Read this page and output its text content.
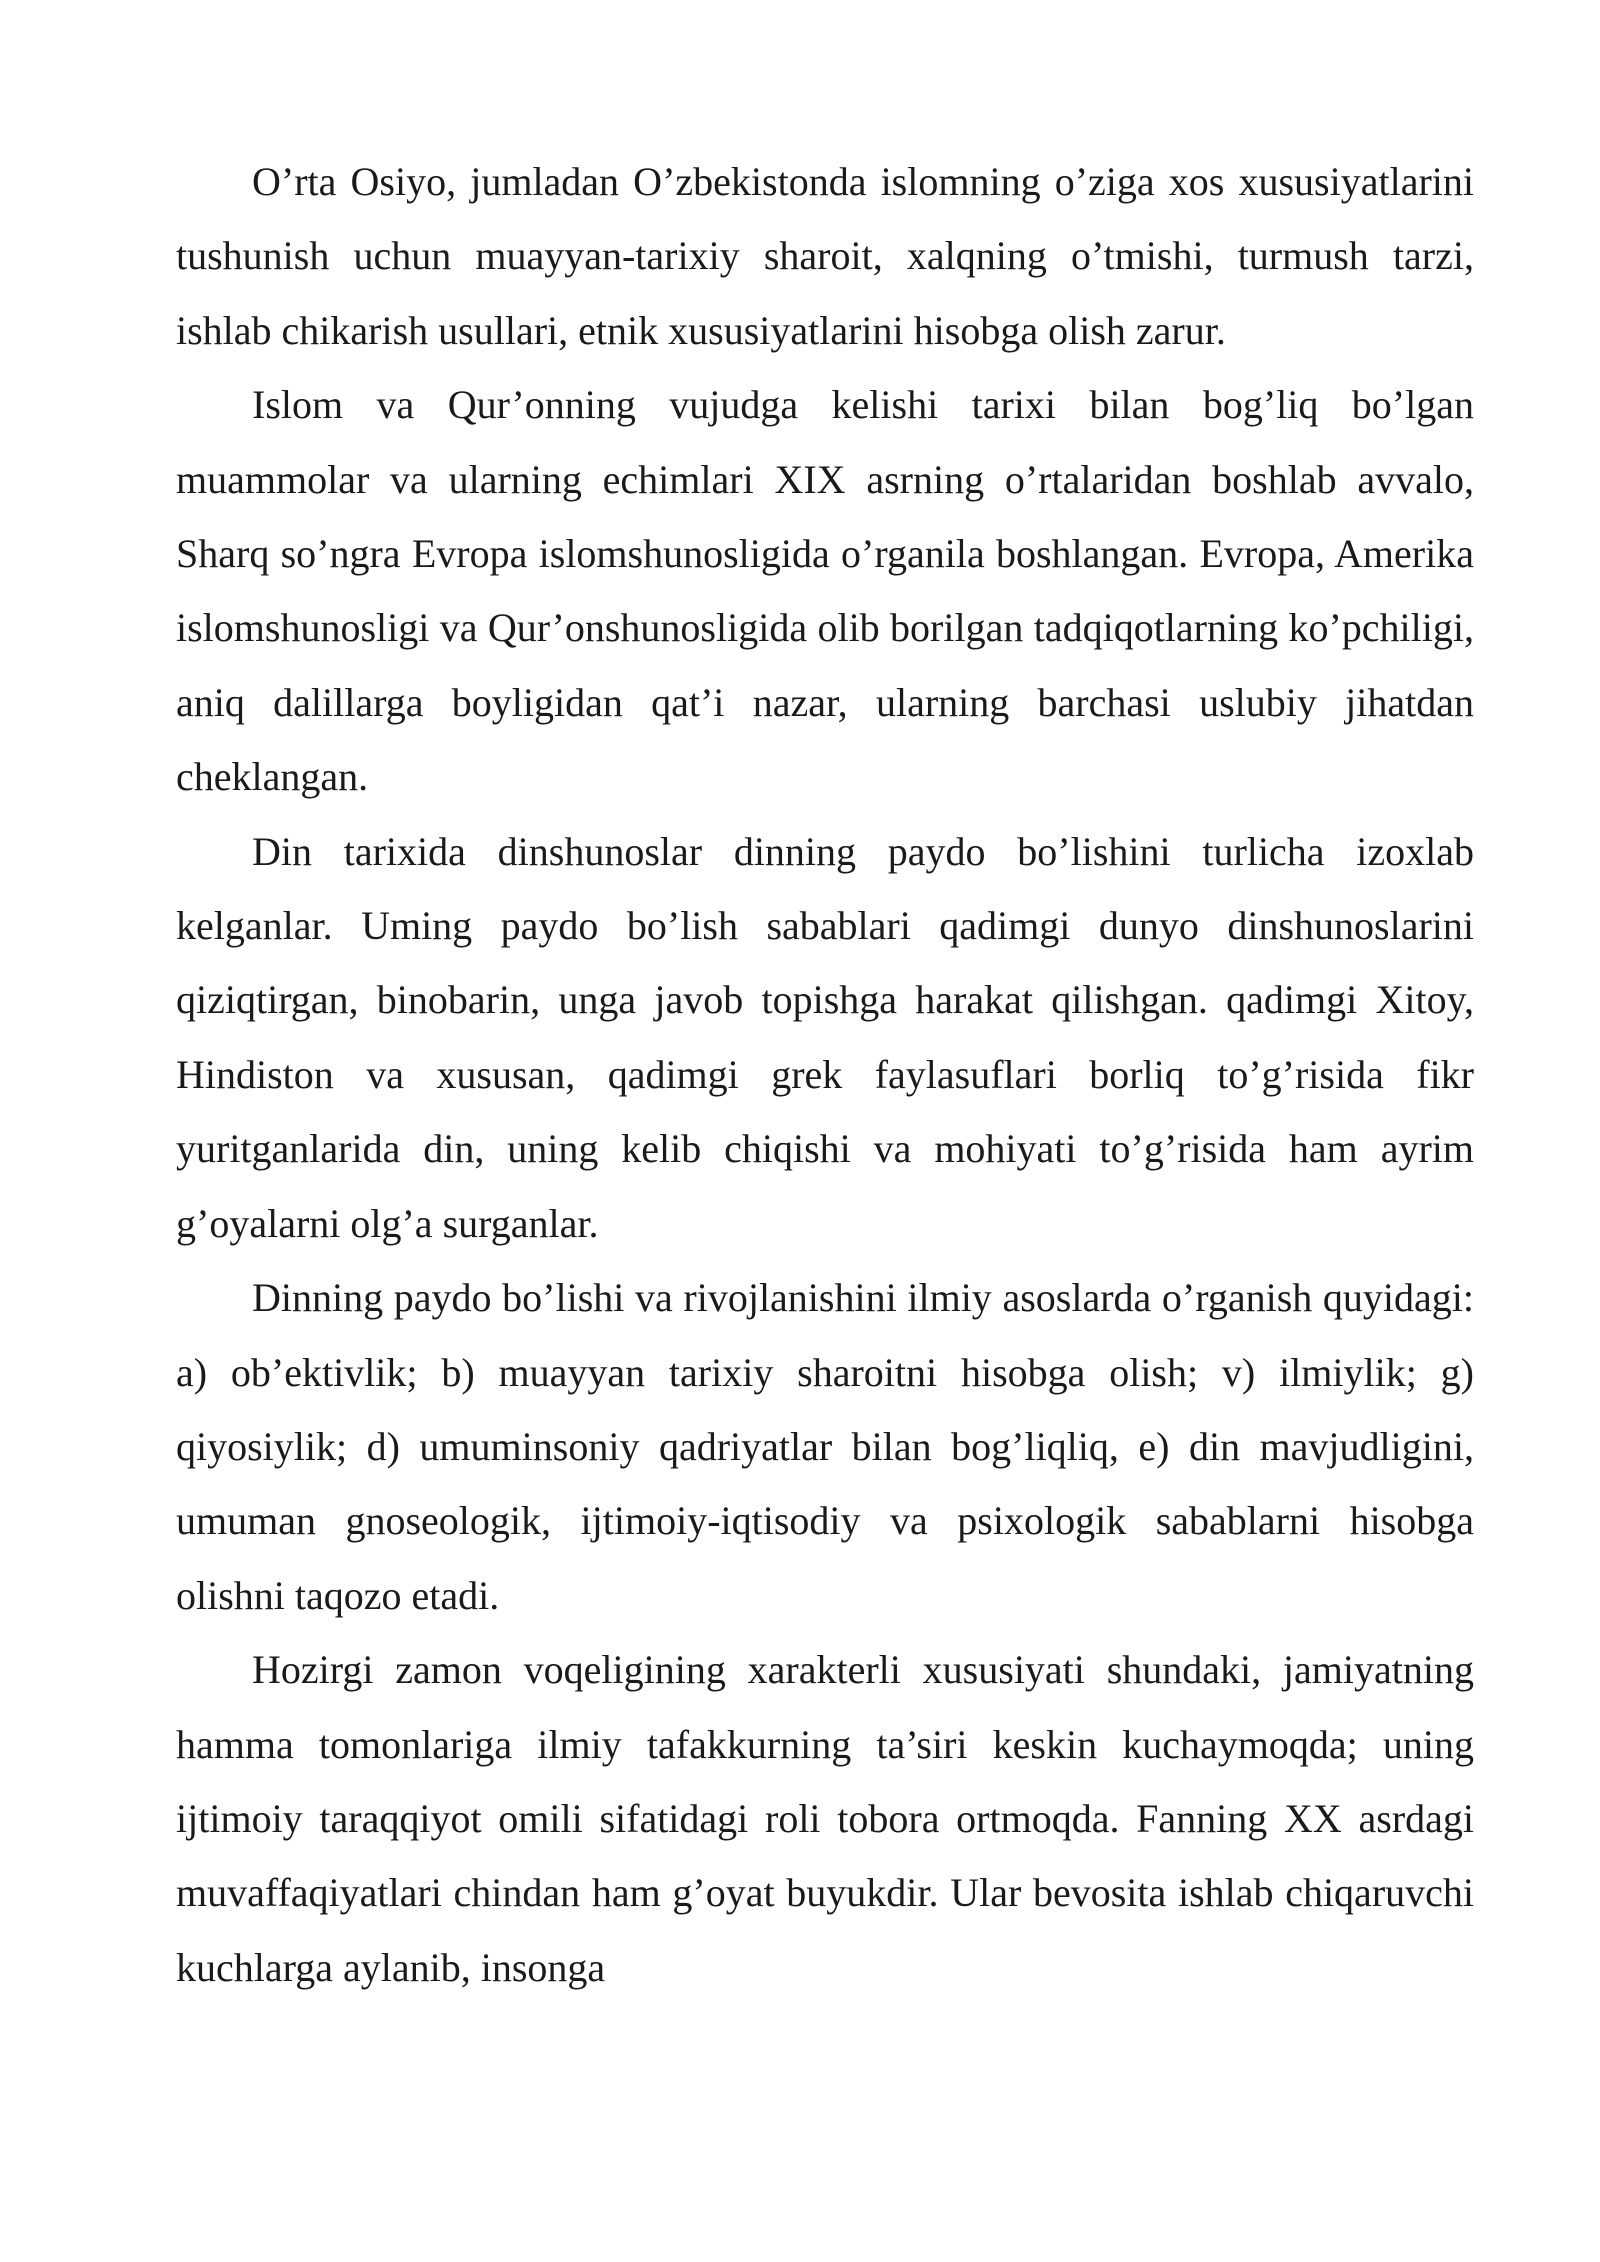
O’rta Osiyo, jumladan O’zbekistonda islomning o’ziga xos xususiyatlarini tushunish uchun muayyan-tarixiy sharoit, xalqning o’tmishi, turmush tarzi, ishlab chikarish usullari, etnik xususiyatlarini hisobga olish zarur.

Islom va Qur’onning vujudga kelishi tarixi bilan bog’liq bo’lgan muammolar va ularning echimlari XIX asrning o’rtalaridan boshlab avvalo, Sharq so’ngra Evropa islomshunosligida o’rganila boshlangan. Evropa, Amerika islomshunosligi va Qur’onshunosligida olib borilgan tadqiqotlarning ko’pchiligi, aniq dalillarga boyligidan qat’i nazar, ularning barchasi uslubiy jihatdan cheklangan.

Din tarixida dinshunoslar dinning paydo bo’lishini turlicha izoxlab kelganlar. Uming paydo bo’lish sabablari qadimgi dunyo dinshunoslarini qiziqtirgan, binobarin, unga javob topishga harakat qilishgan. qadimgi Xitoy, Hindiston va xususan, qadimgi grek faylasuflari borliq to’g’risida fikr yuritganlarida din, uning kelib chiqishi va mohiyati to’g’risida ham ayrim g’oyalarni olg’a surganlar.

Dinning paydo bo’lishi va rivojlanishini ilmiy asoslarda o’rganish quyidagi: a) ob’ektivlik; b) muayyan tarixiy sharoitni hisobga olish; v) ilmiylik; g) qiyosiylik; d) umuminsoniy qadriyatlar bilan bog’liqliq, e) din mavjudligini, umuman gnoseologik, ijtimoiy-iqtisodiy va psixologik sabablarni hisobga olishni taqozo etadi.

Hozirgi zamon voqeligining xarakterli xususiyati shundaki, jamiyatning hamma tomonlariga ilmiy tafakkurning ta’siri keskin kuchaymoqda; uning ijtimoiy taraqqiyot omili sifatidagi roli tobora ortmoqda. Fanning XX asrdagi muvaffaqiyatlari chindan ham g’oyat buyukdir. Ular bevosita ishlab chiqaruvchi kuchlarga aylanib, insonga
